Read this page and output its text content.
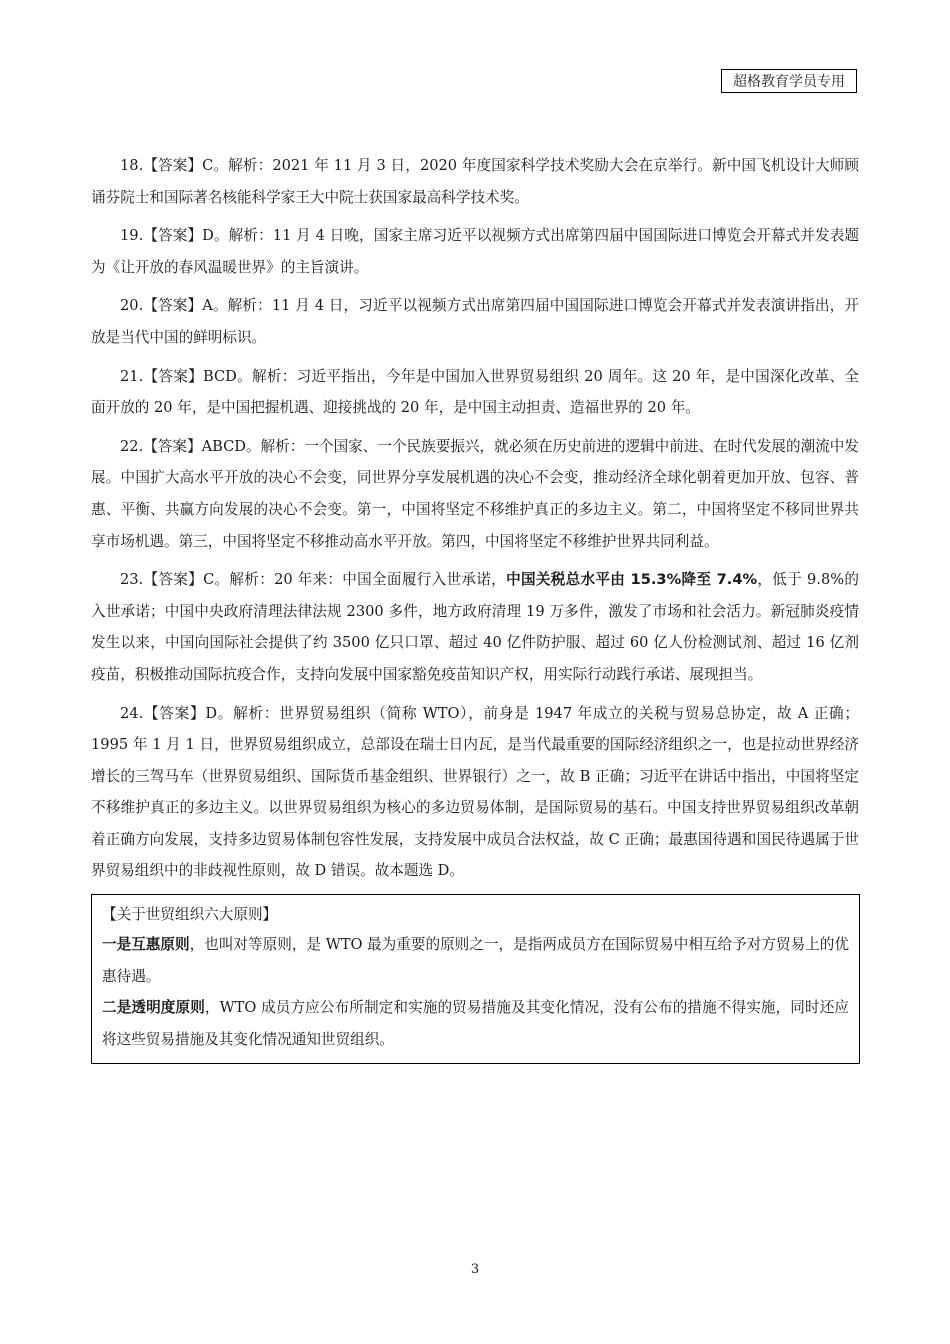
超格教育学员专用

18.【答案】C。解析：2021 年 11 月 3 日，2020 年度国家科学技术奖励大会在京举行。新中国飞机设计大师顾诵芬院士和国际著名核能科学家王大中院士获国家最高科学技术奖。

19.【答案】D。解析：11 月 4 日晚，国家主席习近平以视频方式出席第四届中国国际进口博览会开幕式并发表题为《让开放的春风温暖世界》的主旨演讲。

20.【答案】A。解析：11 月 4 日，习近平以视频方式出席第四届中国国际进口博览会开幕式并发表演讲指出，开放是当代中国的鲜明标识。

21.【答案】BCD。解析：习近平指出，今年是中国加入世界贸易组织 20 周年。这 20 年，是中国深化改革、全面开放的 20 年，是中国把握机遇、迎接挑战的 20 年，是中国主动担责、造福世界的 20 年。

22.【答案】ABCD。解析：一个国家、一个民族要振兴，就必须在历史前进的逻辑中前进、在时代发展的潮流中发展。中国扩大高水平开放的决心不会变，同世界分享发展机遇的决心不会变，推动经济全球化朝着更加开放、包容、普惠、平衡、共赢方向发展的决心不会变。第一，中国将坚定不移维护真正的多边主义。第二，中国将坚定不移同世界共享市场机遇。第三，中国将坚定不移推动高水平开放。第四，中国将坚定不移维护世界共同利益。

23.【答案】C。解析：20 年来：中国全面履行入世承诺，中国关税总水平由 15.3%降至 7.4%，低于 9.8%的入世承诺；中国中央政府清理法律法规 2300 多件，地方政府清理 19 万多件，激发了市场和社会活力。新冠肺炎疫情发生以来，中国向国际社会提供了约 3500 亿只口罩、超过 40 亿件防护服、超过 60 亿人份检测试剂、超过 16 亿剂疫苗，积极推动国际抗疫合作，支持向发展中国家豁免疫苗知识产权，用实际行动践行承诺、展现担当。

24.【答案】D。解析：世界贸易组织（简称 WTO），前身是 1947 年成立的关税与贸易总协定，故 A 正确；1995 年 1 月 1 日，世界贸易组织成立，总部设在瑞士日内瓦，是当代最重要的国际经济组织之一，也是拉动世界经济增长的三驾马车（世界贸易组织、国际货币基金组织、世界银行）之一，故 B 正确；习近平在讲话中指出，中国将坚定不移维护真正的多边主义。以世界贸易组织为核心的多边贸易体制，是国际贸易的基石。中国支持世界贸易组织改革朝着正确方向发展，支持多边贸易体制包容性发展，支持发展中成员合法权益，故 C 正确；最惠国待遇和国民待遇属于世界贸易组织中的非歧视性原则，故 D 错误。故本题选 D。

【关于世贸组织六大原则】

一是互惠原则，也叫对等原则，是 WTO 最为重要的原则之一，是指两成员方在国际贸易中相互给予对方贸易上的优惠待遇。

二是透明度原则，WTO 成员方应公布所制定和实施的贸易措施及其变化情况，没有公布的措施不得实施，同时还应将这些贸易措施及其变化情况通知世贸组织。

3
